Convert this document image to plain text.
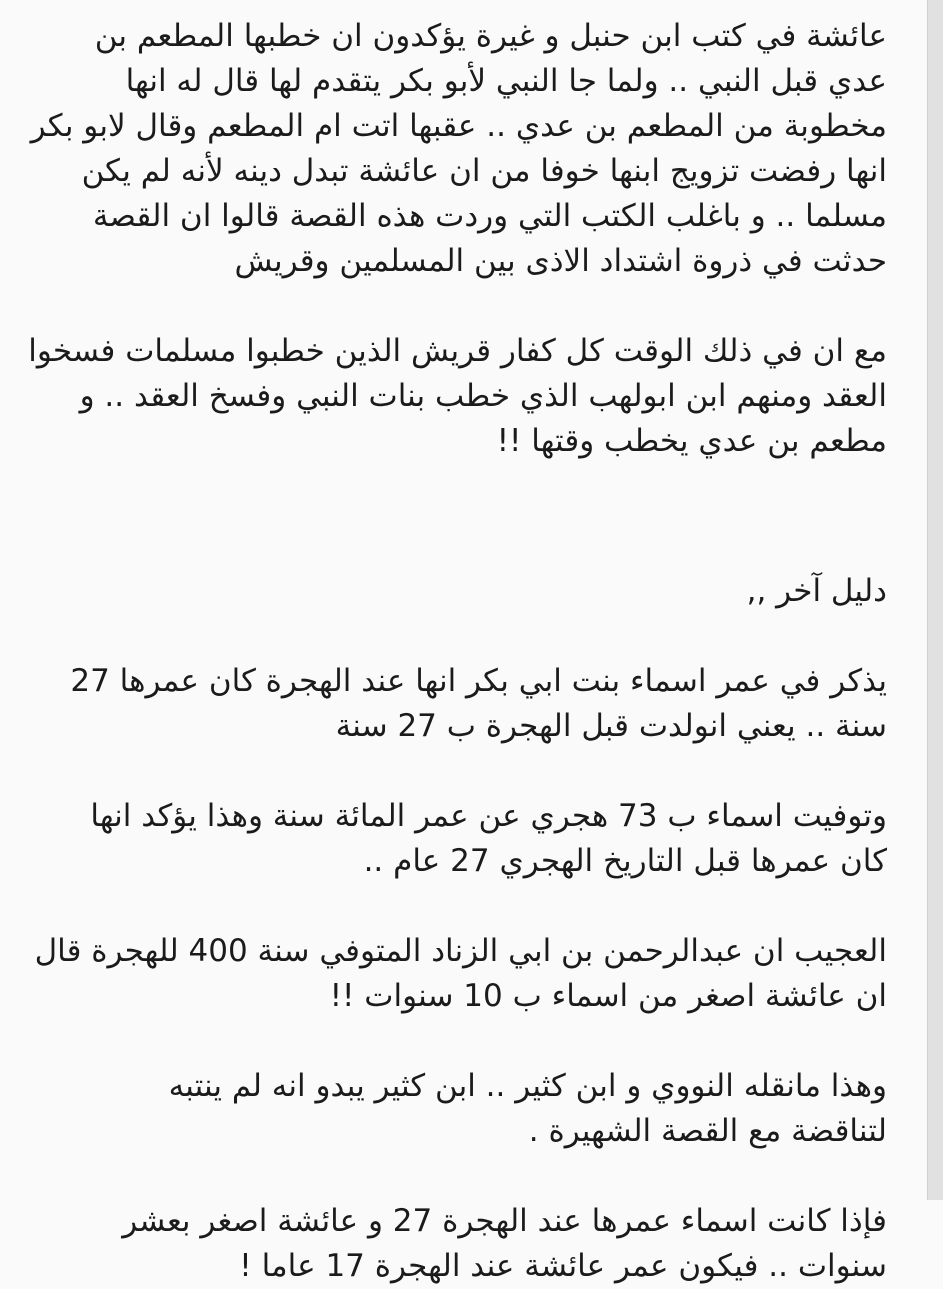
عائشة في كتب ابن حنبل و غيرة يؤكدون ان خطبها المطعم بن
عدي قبل النبي .. ولما جا النبي لأبو بكر يتقدم لها قال له انها
مخطوبة من المطعم بن عدي .. عقبها اتت ام المطعم وقال لابو بكر
انها رفضت تزويج ابنها خوفا من ان عائشة تبدل دينه لأنه لم يكن
مسلما .. و باغلب الكتب التي وردت هذه القصة قالوا ان القصة
حدثت في ذروة اشتداد الاذى بين المسلمين وقريش
مع ان في ذلك الوقت كل كفار قريش الذين خطبوا مسلمات فسخوا
العقد ومنهم ابن ابولهب الذي خطب بنات النبي وفسخ العقد .. و
مطعم بن عدي يخطب وقتها !!
دليل آخر ,,
يذكر في عمر اسماء بنت ابي بكر انها عند الهجرة كان عمرها 27
سنة .. يعني انولدت قبل الهجرة ب 27 سنة
وتوفيت اسماء ب 73 هجري عن عمر المائة سنة وهذا يؤكد انها
كان عمرها قبل التاريخ الهجري 27 عام ..
العجيب ان عبدالرحمن بن ابي الزناد المتوفي سنة 400 للهجرة قال
ان عائشة اصغر من اسماء ب 10 سنوات !!
وهذا مانقله النووي و ابن كثير .. ابن كثير يبدو انه لم ينتبه
لتناقضة مع القصة الشهيرة .
فإذا كانت اسماء عمرها عند الهجرة 27 و عائشة اصغر بعشر
سنوات .. فيكون عمر عائشة عند الهجرة 17 عاما !
